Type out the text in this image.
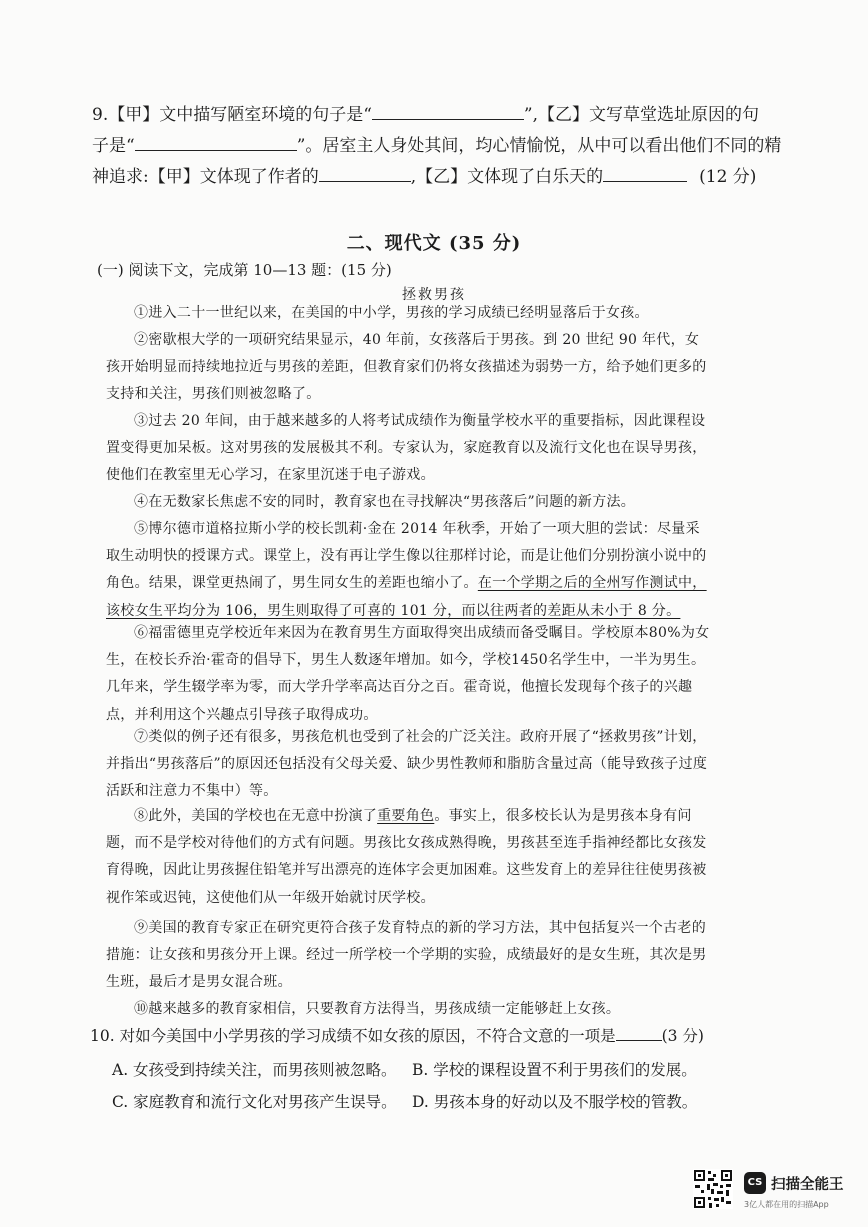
9.【甲】文中描写陋室环境的句子是“	”,【乙】文写草堂选址原因的句

子是“	”。居室主人身处其间，均心情愉悦，从中可以看出他们不同的精

神追求:【甲】文体现了作者的	,【乙】文体现了白乐天的	(12 分)

二、现代文 (35 分)
(一) 阅读下文，完成第 10—13 题：(15 分)
拯救男孩

①进入二十一世纪以来，在美国的中小学，男孩的学习成绩已经明显落后于女孩。

②密歇根大学的一项研究结果显示，40 年前，女孩落后于男孩。到 20 世纪 90 年代，女孩开始明显而持续地拉近与男孩的差距，但教育家们仍将女孩描述为弱势一方，给予她们更多的支持和关注，男孩们则被忽略了。

③过去 20 年间，由于越来越多的人将考试成绩作为衡量学校水平的重要指标，因此课程设置变得更加呆板。这对男孩的发展极其不利。专家认为，家庭教育以及流行文化也在误导男孩，使他们在教室里无心学习，在家里沉迷于电子游戏。

④在无数家长焦虑不安的同时，教育家也在寻找解决“男孩落后”问题的新方法。

⑤博尔德市道格拉斯小学的校长凯莉·金在 2014 年秋季，开始了一项大胆的尝试：尽量采取生动明快的授课方式。课堂上，没有再让学生像以往那样讨论，而是让他们分别扮演小说中的角色。结果，课堂更热闹了，男生同女生的差距也缩小了。在一个学期之后的全州写作测试中，该校女生平均分为 106，男生则取得了可喜的 101 分，而以往两者的差距从未小于 8 分。

⑥福雷德里克学校近年来因为在教育男生方面取得突出成绩而备受瞩目。学校原本80%为女生，在校长乔治·霍奇的倡导下，男生人数逐年增加。如今，学校1450名学生中，一半为男生。几年来，学生辍学率为零，而大学升学率高达百分之百。霍奇说，他擅长发现每个孩子的兴趣点，并利用这个兴趣点引导孩子取得成功。

⑦类似的例子还有很多，男孩危机也受到了社会的广泛关注。政府开展了“拯救男孩”计划，并指出“男孩落后”的原因还包括没有父母关爱、缺少男性教师和脂肪含量过高（能导致孩子过度活跃和注意力不集中）等。

⑧此外，美国的学校也在无意中扮演了重要角色。事实上，很多校长认为是男孩本身有问题，而不是学校对待他们的方式有问题。男孩比女孩成熟得晚，男孩甚至连手指神经都比女孩发育得晚，因此让男孩握住铅笔并写出漂亮的连体字会更加困难。这些发育上的差异往往使男孩被视作笨或迟钝，这使他们从一年级开始就讨厌学校。

⑨美国的教育专家正在研究更符合孩子发育特点的新的学习方法，其中包括复兴一个古老的措施：让女孩和男孩分开上课。经过一所学校一个学期的实验，成绩最好的是女生班，其次是男生班，最后才是男女混合班。

⑩越来越多的教育家相信，只要教育方法得当，男孩成绩一定能够赶上女孩。

10. 对如今美国中小学男孩的学习成绩不如女孩的原因，不符合文意的一项是	(3 分)
A. 女孩受到持续关注，而男孩则被忽略。 B. 学校的课程设置不利于男孩们的发展。
C. 家庭教育和流行文化对男孩产生误导。 D. 男孩本身的好动以及不服学校的管教。
CS 扫描全能王
3亿人都在用的扫描App
